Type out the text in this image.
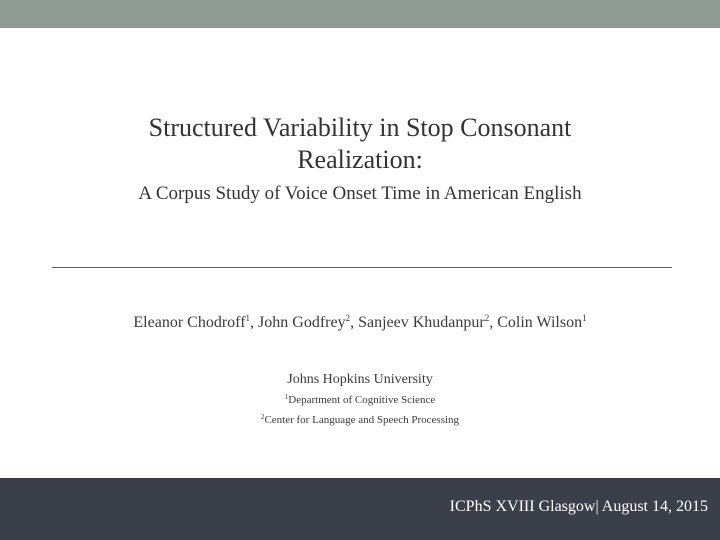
Structured Variability in Stop Consonant
Realization:
A Corpus Study of Voice Onset Time in American English
Eleanor Chodroff$^1$, John Godfrey$^2$, Sanjeev Khudanpur$^2$, Colin Wilson$^1$
Johns Hopkins University
$^1$Department of Cognitive Science
$^2$Center for Language and Speech Processing
ICPhS XVIII Glasgow| August 14, 2015
